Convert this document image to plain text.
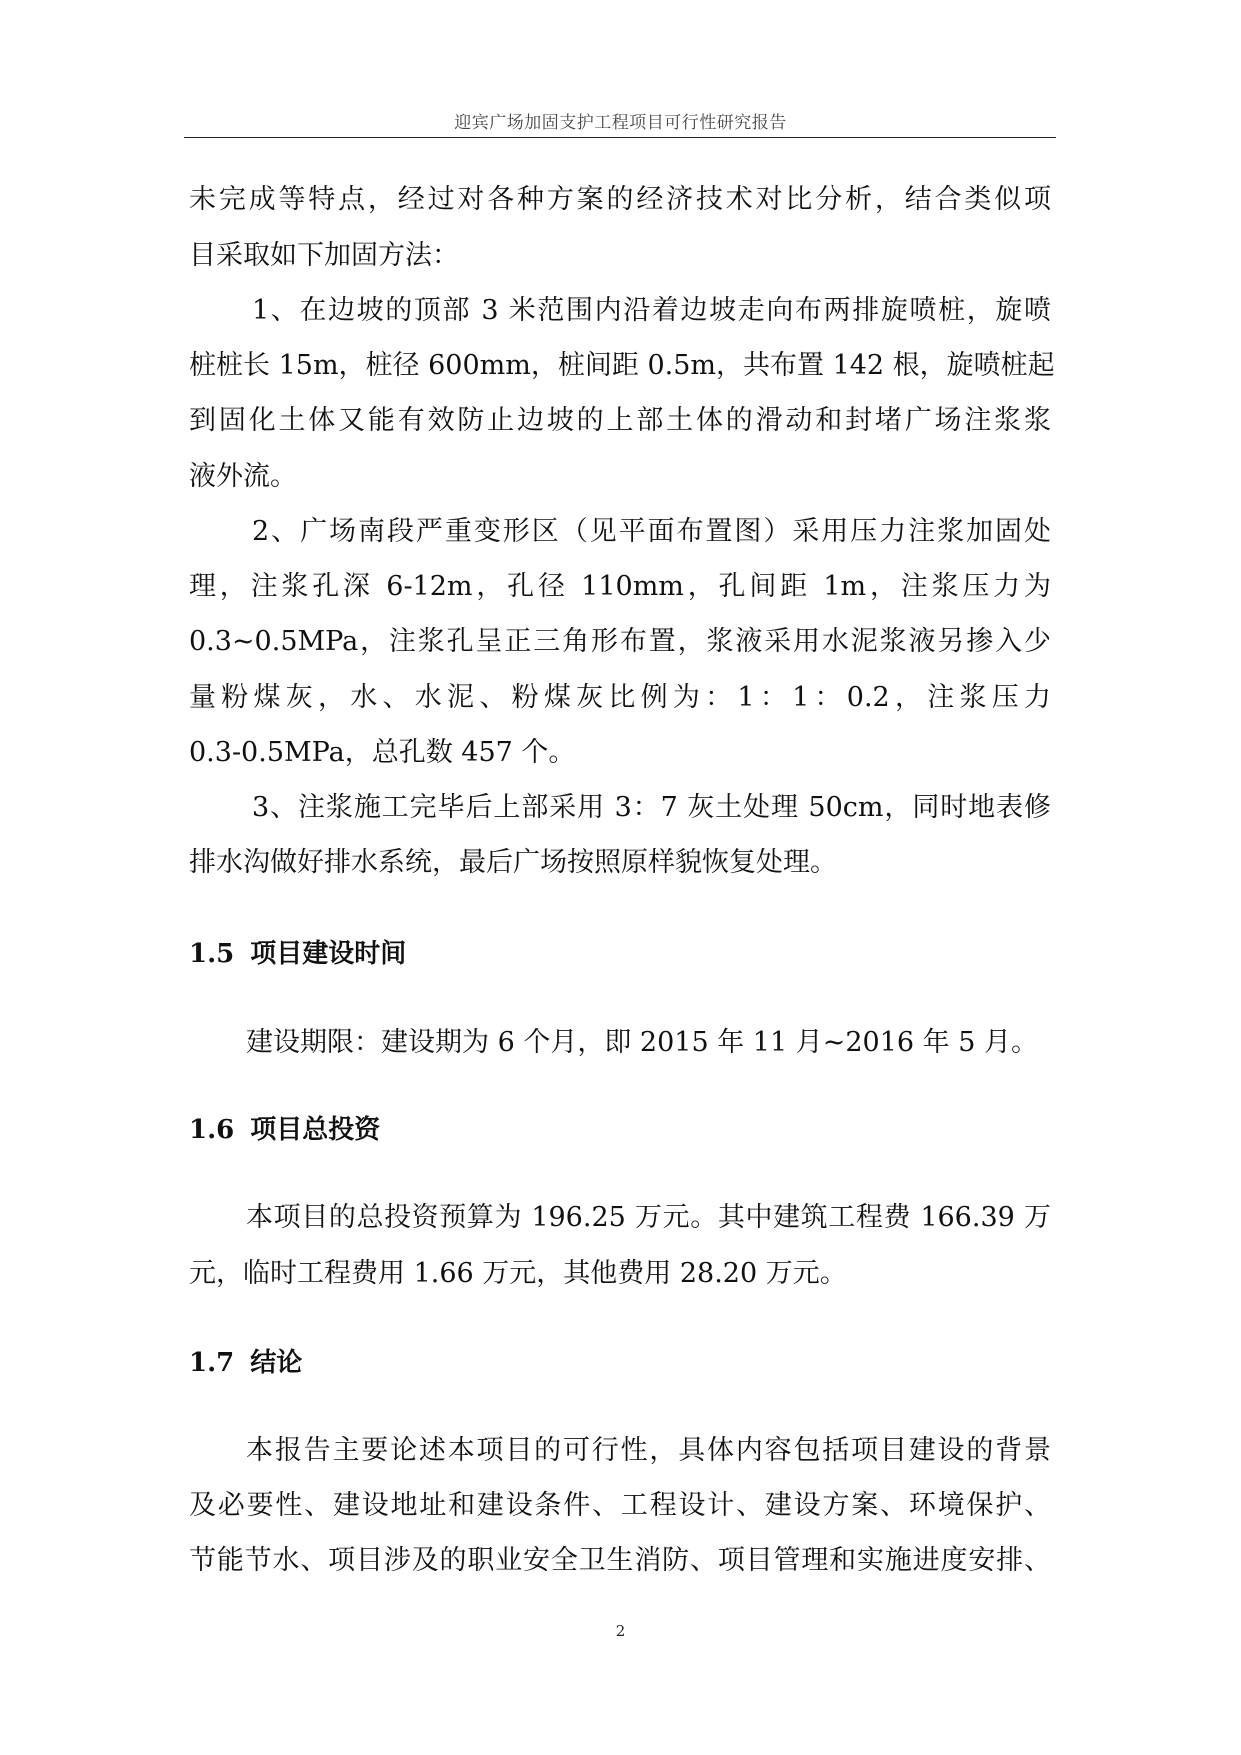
迎宾广场加固支护工程项目可行性研究报告
未完成等特点，经过对各种方案的经济技术对比分析，结合类似项
目采取如下加固方法：
1、在边坡的顶部 3 米范围内沿着边坡走向布两排旋喷桩，旋喷
桩桩长 15m，桩径 600mm，桩间距 0.5m，共布置 142 根，旋喷桩起
到固化土体又能有效防止边坡的上部土体的滑动和封堵广场注浆浆
液外流。
2、广场南段严重变形区（见平面布置图）采用压力注浆加固处
理，注浆孔深 6-12m，孔径 110mm，孔间距 1m，注浆压力为
0.3~0.5MPa，注浆孔呈正三角形布置，浆液采用水泥浆液另掺入少
量粉煤灰，水、水泥、粉煤灰比例为：1：1：0.2，注浆压力
0.3-0.5MPa，总孔数 457 个。
3、注浆施工完毕后上部采用 3：7 灰土处理 50cm，同时地表修
排水沟做好排水系统，最后广场按照原样貌恢复处理。
1.5 项目建设时间
建设期限：建设期为 6 个月，即 2015 年 11 月~2016 年 5 月。
1.6 项目总投资
本项目的总投资预算为 196.25 万元。其中建筑工程费 166.39 万
元，临时工程费用 1.66 万元，其他费用 28.20 万元。
1.7 结论
本报告主要论述本项目的可行性，具体内容包括项目建设的背景
及必要性、建设地址和建设条件、工程设计、建设方案、环境保护、
节能节水、项目涉及的职业安全卫生消防、项目管理和实施进度安排、
2
